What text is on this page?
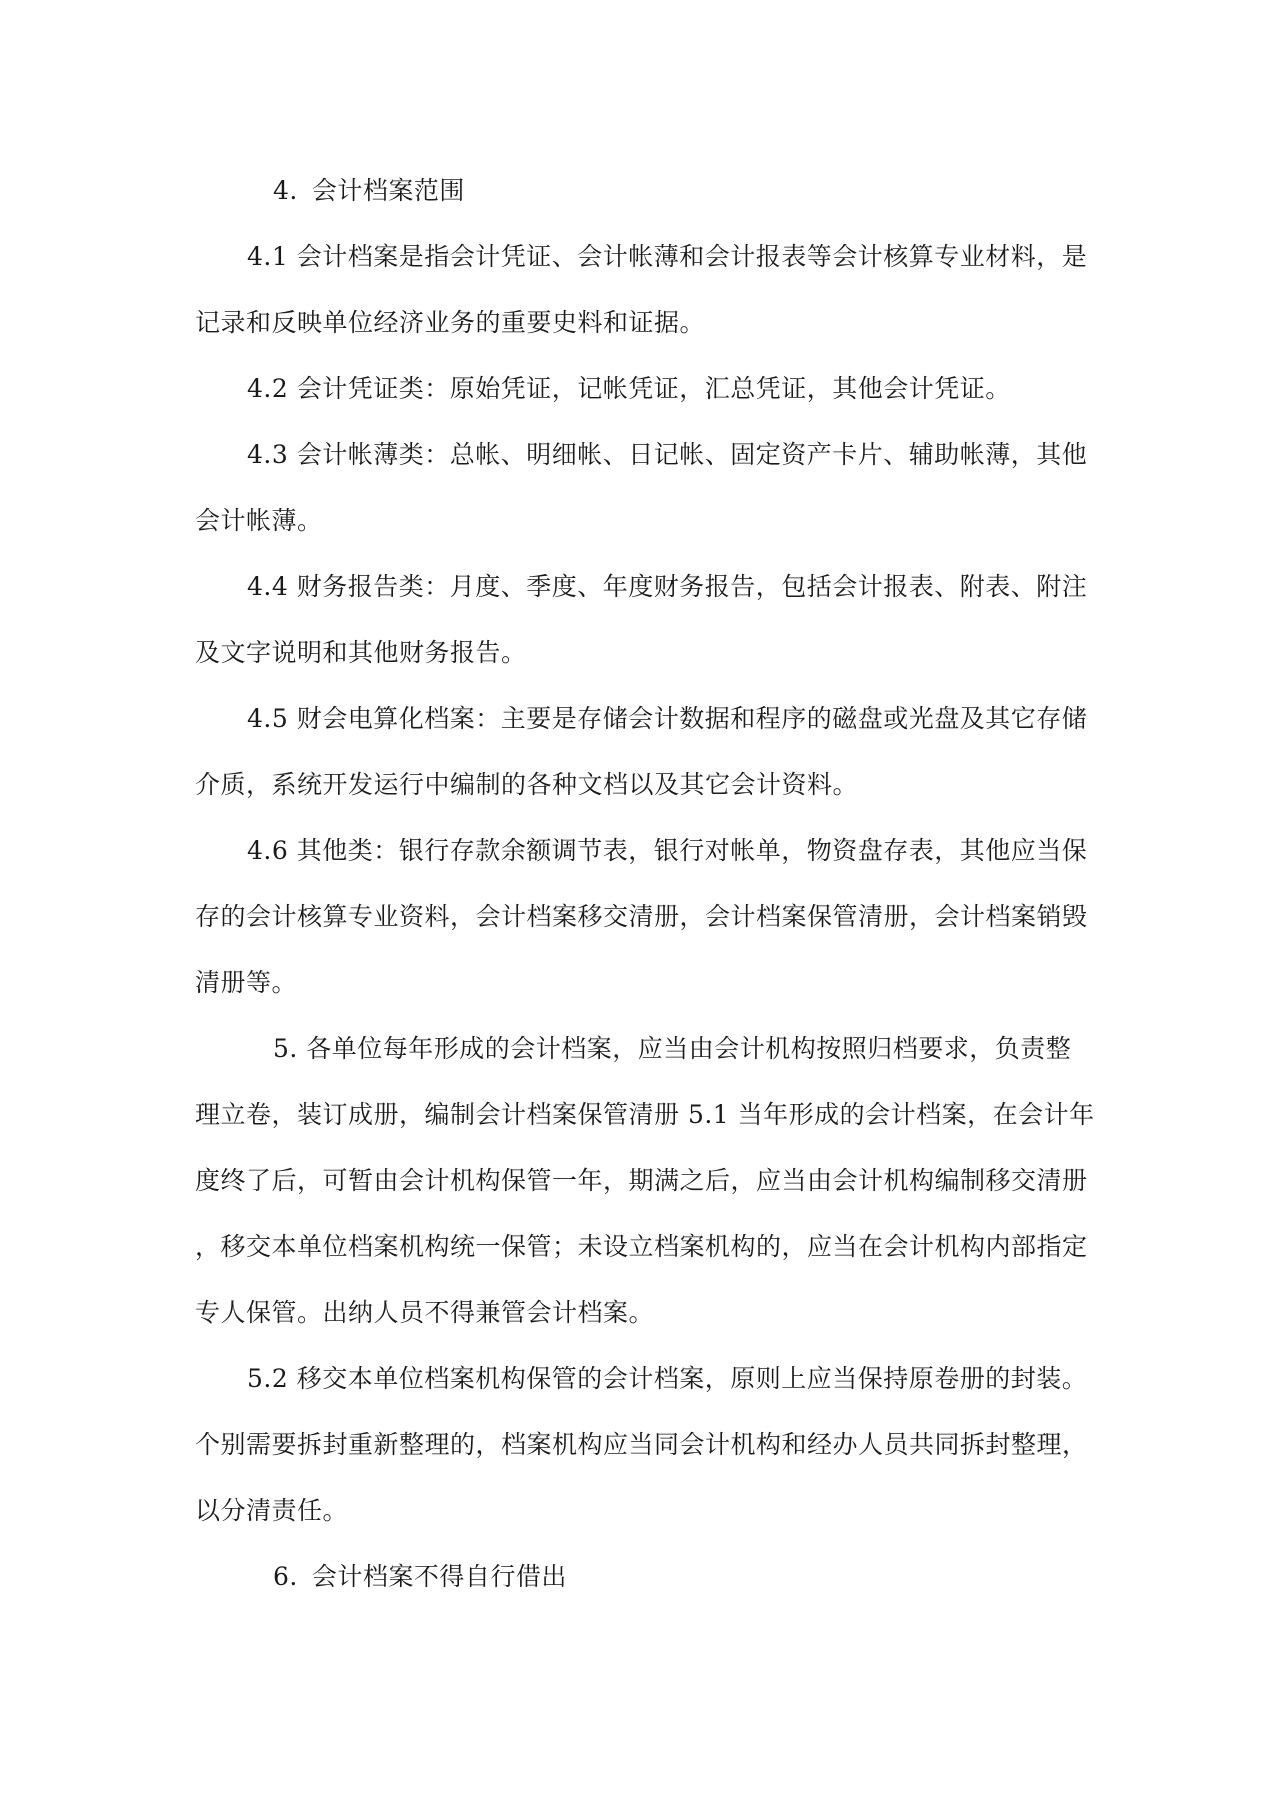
4. 会计档案范围

4.1 会计档案是指会计凭证、会计帐薄和会计报表等会计核算专业材料，是记录和反映单位经济业务的重要史料和证据。

4.2 会计凭证类：原始凭证，记帐凭证，汇总凭证，其他会计凭证。

4.3 会计帐薄类：总帐、明细帐、日记帐、固定资产卡片、辅助帐薄，其他会计帐薄。

4.4 财务报告类：月度、季度、年度财务报告，包括会计报表、附表、附注及文字说明和其他财务报告。

4.5 财会电算化档案：主要是存储会计数据和程序的磁盘或光盘及其它存储介质，系统开发运行中编制的各种文档以及其它会计资料。

4.6 其他类：银行存款余额调节表，银行对帐单，物资盘存表，其他应当保存的会计核算专业资料，会计档案移交清册，会计档案保管清册，会计档案销毁清册等。

5. 各单位每年形成的会计档案，应当由会计机构按照归档要求，负责整理立卷，装订成册，编制会计档案保管清册 5.1 当年形成的会计档案，在会计年度终了后，可暂由会计机构保管一年，期满之后，应当由会计机构编制移交清册，移交本单位档案机构统一保管；未设立档案机构的，应当在会计机构内部指定专人保管。出纳人员不得兼管会计档案。

5.2 移交本单位档案机构保管的会计档案，原则上应当保持原卷册的封装。个别需要拆封重新整理的，档案机构应当同会计机构和经办人员共同拆封整理，以分清责任。

6. 会计档案不得自行借出
